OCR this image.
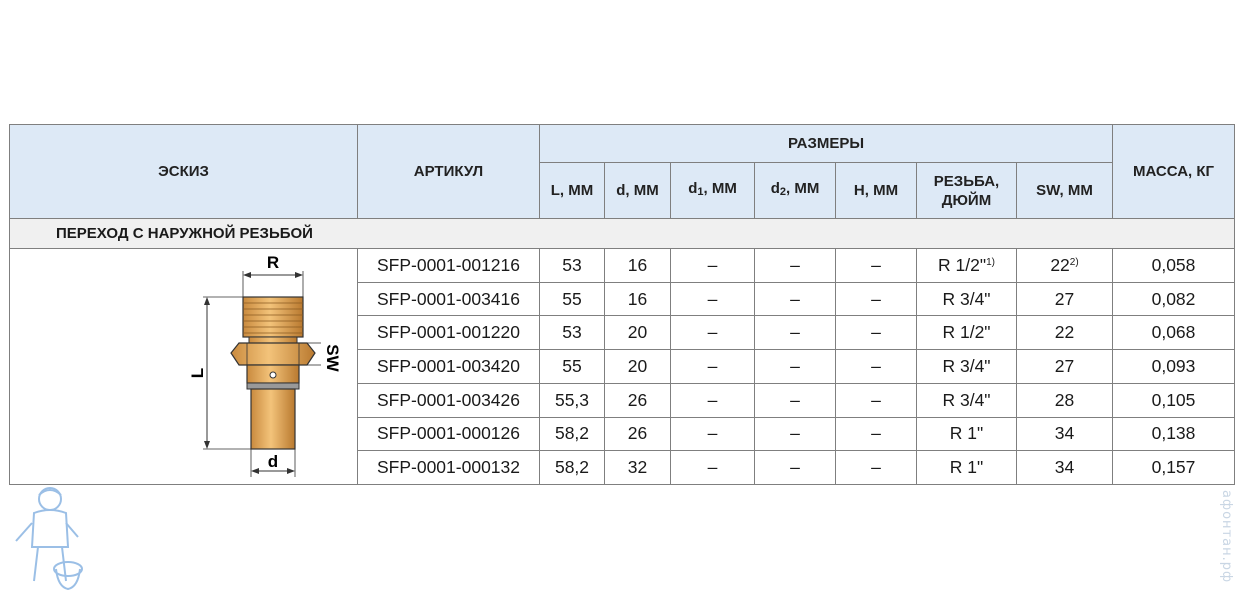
ЭСКИЗ	АРТИКУЛ	РАЗМЕРЫ							МАССА, КГ
		L, ММ	d, ММ	$d_1$, ММ	$d_2$, ММ	H, ММ	РЕЗЬБА,
ДЮЙМ	SW, ММ	
ПЕРЕХОД С НАРУЖНОЙ РЕЗЬБОЙ									

R
L
SW
d	SFP-0001-001216	53	16	–	–	–	R 1/2"$^{1)}$	22$^{2)}$	0,058
	SFP-0001-003416	55	16	–	–	–	R 3/4"	27	0,082
	SFP-0001-001220	53	20	–	–	–	R 1/2"	22	0,068
	SFP-0001-003420	55	20	–	–	–	R 3/4"	27	0,093
	SFP-0001-003426	55,3	26	–	–	–	R 3/4"	28	0,105
	SFP-0001-000126	58,2	26	–	–	–	R 1"	34	0,138
	SFP-0001-000132	58,2	32	–	–	–	R 1"	34	0,157
афонтан.рф
